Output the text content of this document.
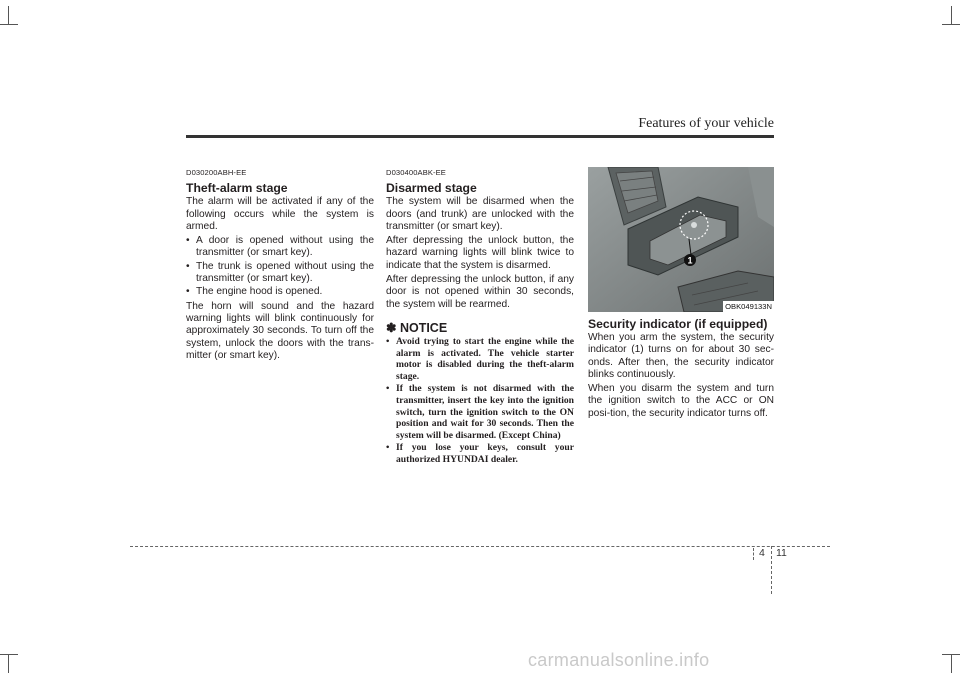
Features of your vehicle
D030200ABH-EE
Theft-alarm stage

The alarm will be activated if any of the following occurs while the system is armed.

• A door is opened without using the transmitter (or smart key).
• The trunk is opened without using the transmitter (or smart key).
• The engine hood is opened.

The horn will sound and the hazard warning lights will blink continuously for approximately 30 seconds. To turn off the system, unlock the doors with the trans-mitter (or smart key).

D030400ABK-EE
Disarmed stage

The system will be disarmed when the doors (and trunk) are unlocked with the transmitter (or smart key).

After depressing the unlock button, the hazard warning lights will blink twice to indicate that the system is disarmed.

After depressing the unlock button, if any door is not opened within 30 seconds, the system will be rearmed.

✽ NOTICE
• Avoid trying to start the engine while the alarm is activated. The vehicle starter motor is disabled during the theft-alarm stage.
• If the system is not disarmed with the transmitter, insert the key into the ignition switch, turn the ignition switch to the ON position and wait for 30 seconds. Then the system will be disarmed. (Except China)
• If you lose your keys, consult your authorized HYUNDAI dealer.
1
OBK049133N
Security indicator (if equipped)

When you arm the system, the security indicator (1) turns on for about 30 sec-onds. After then, the security indicator blinks continuously.

When you disarm the system and turn the ignition switch to the ACC or ON posi-tion, the security indicator turns off.

4 11
carmanualsonline.info
